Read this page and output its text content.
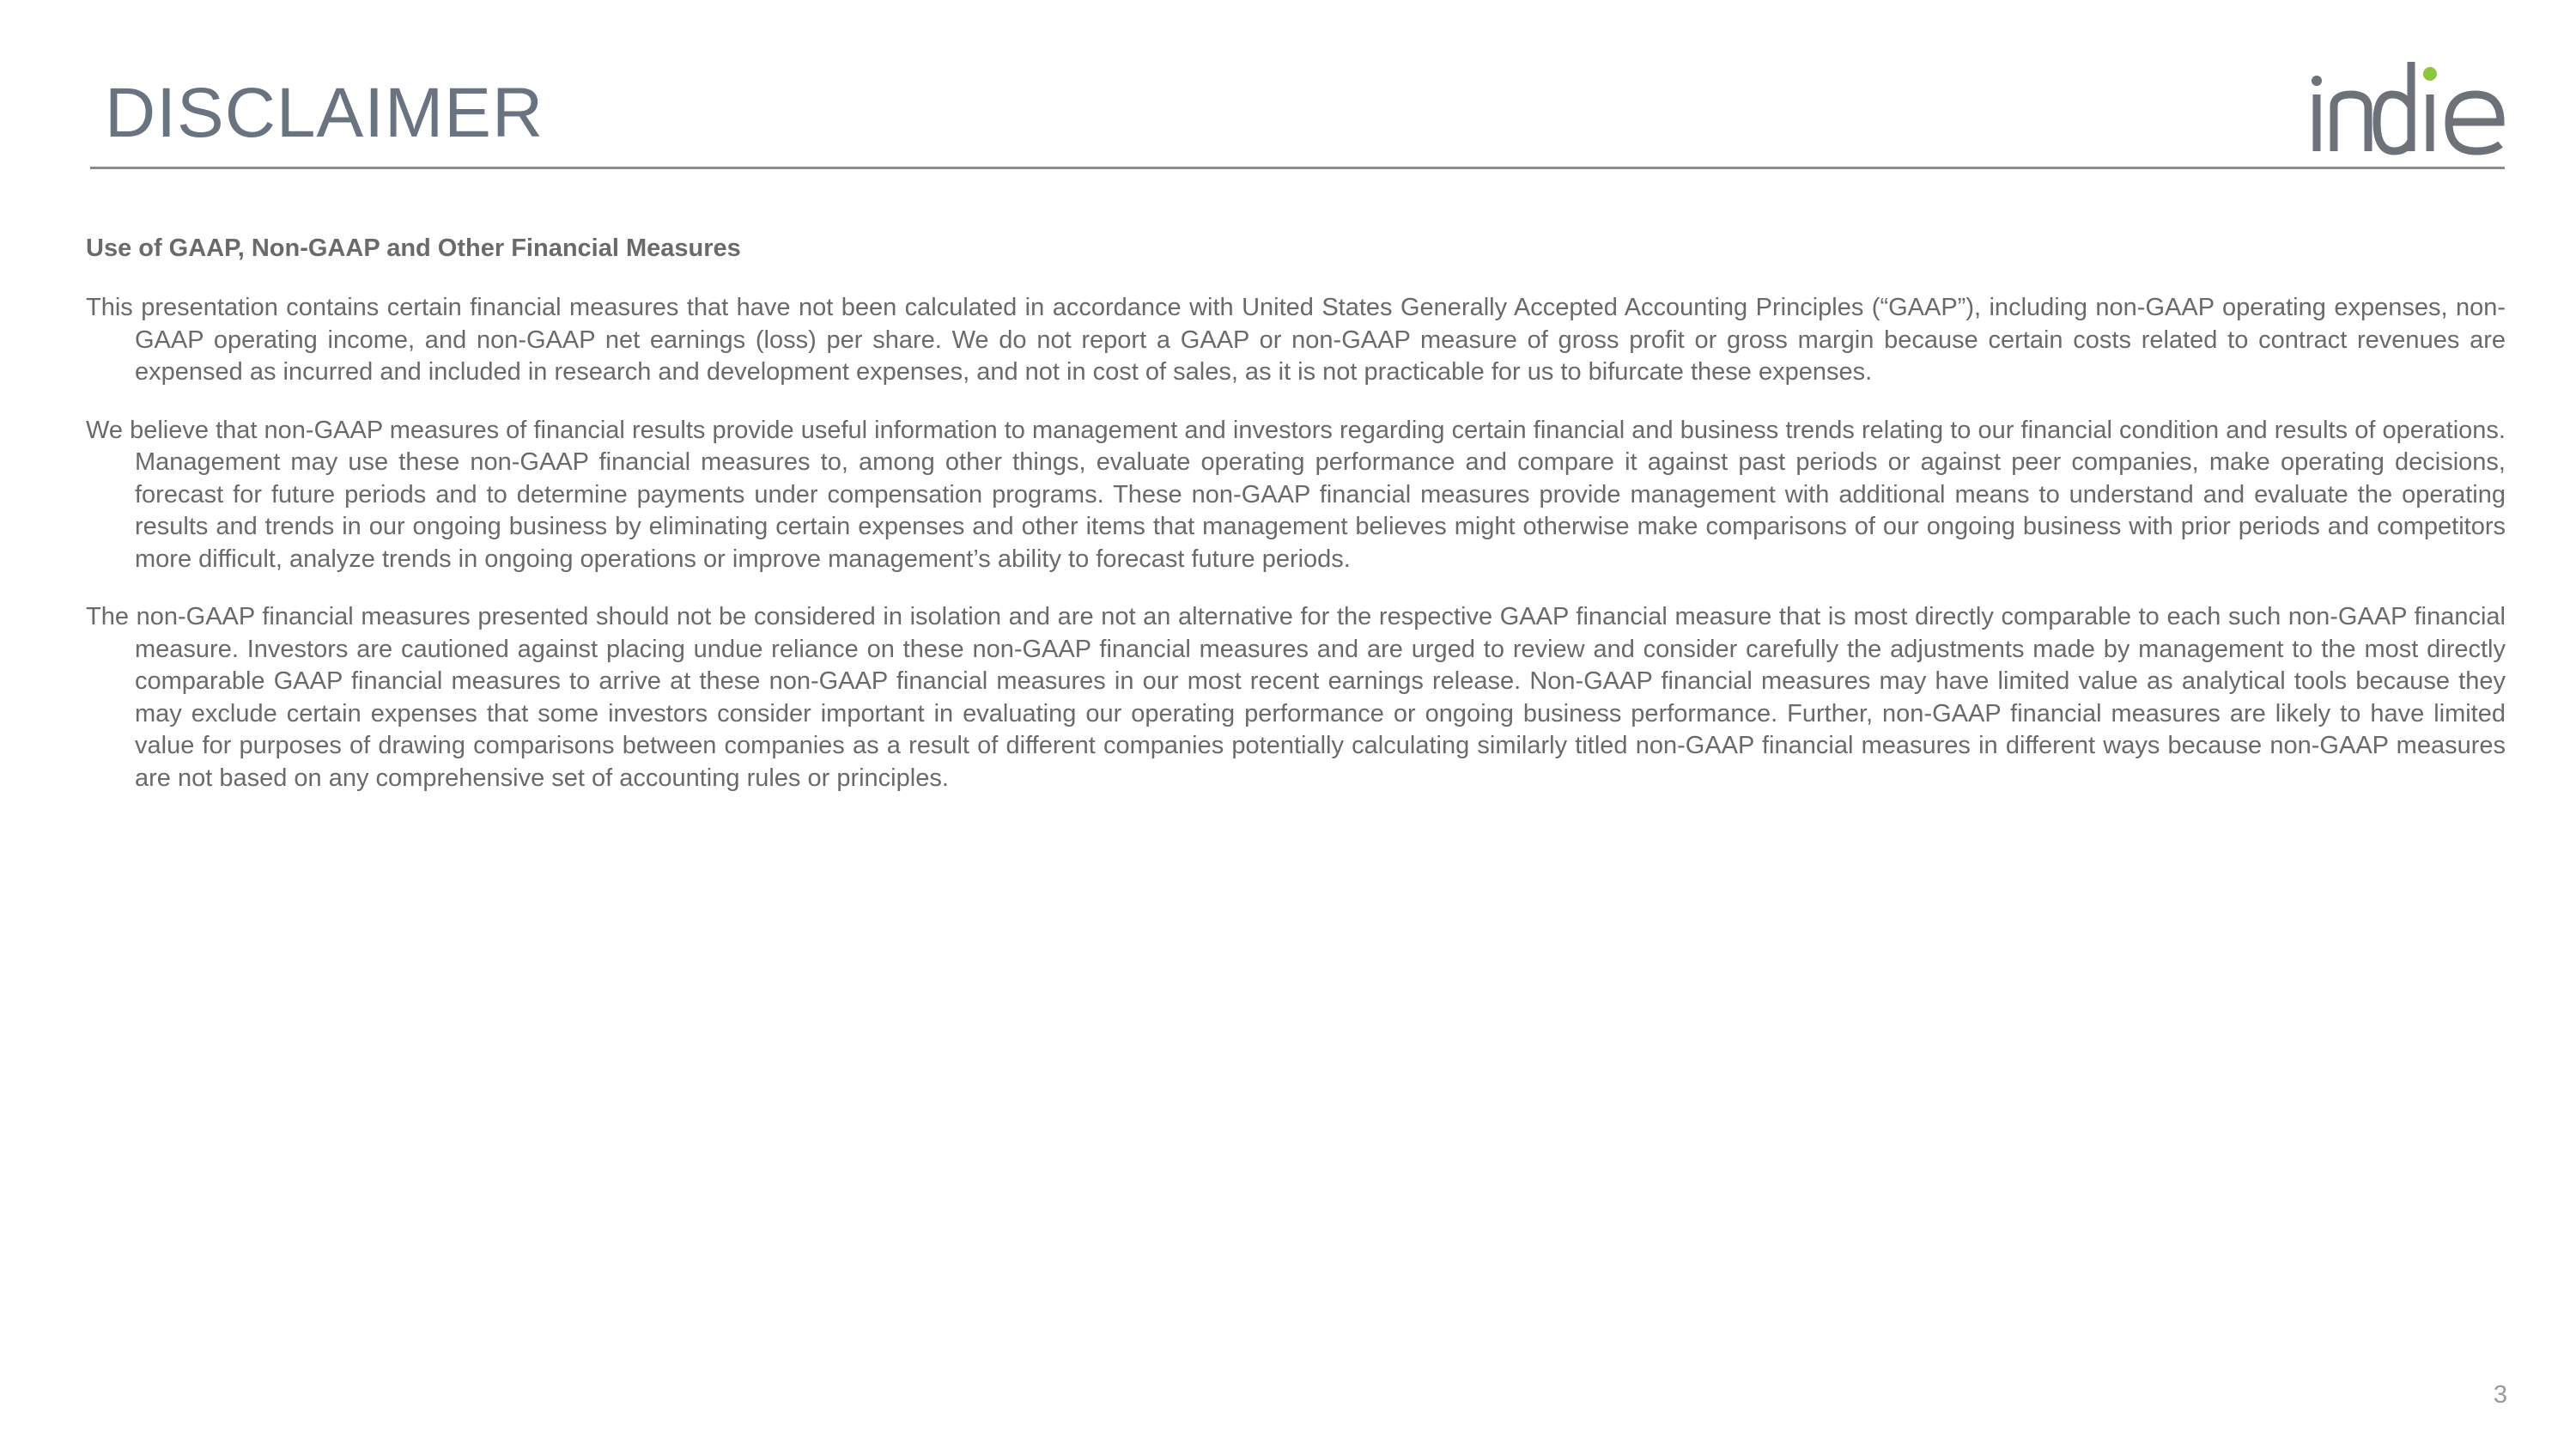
DISCLAIMER

Use of GAAP, Non-GAAP and Other Financial Measures

This presentation contains certain financial measures that have not been calculated in accordance with United States Generally Accepted Accounting Principles (“GAAP”), including non-GAAP operating expenses, non-GAAP operating income, and non-GAAP net earnings (loss) per share. We do not report a GAAP or non-GAAP measure of gross profit or gross margin because certain costs related to contract revenues are expensed as incurred and included in research and development expenses, and not in cost of sales, as it is not practicable for us to bifurcate these expenses.

We believe that non-GAAP measures of financial results provide useful information to management and investors regarding certain financial and business trends relating to our financial condition and results of operations. Management may use these non-GAAP financial measures to, among other things, evaluate operating performance and compare it against past periods or against peer companies, make operating decisions, forecast for future periods and to determine payments under compensation programs. These non-GAAP financial measures provide management with additional means to understand and evaluate the operating results and trends in our ongoing business by eliminating certain expenses and other items that management believes might otherwise make comparisons of our ongoing business with prior periods and competitors more difficult, analyze trends in ongoing operations or improve management’s ability to forecast future periods.

The non-GAAP financial measures presented should not be considered in isolation and are not an alternative for the respective GAAP financial measure that is most directly comparable to each such non-GAAP financial measure. Investors are cautioned against placing undue reliance on these non-GAAP financial measures and are urged to review and consider carefully the adjustments made by management to the most directly comparable GAAP financial measures to arrive at these non-GAAP financial measures in our most recent earnings release. Non-GAAP financial measures may have limited value as analytical tools because they may exclude certain expenses that some investors consider important in evaluating our operating performance or ongoing business performance. Further, non-GAAP financial measures are likely to have limited value for purposes of drawing comparisons between companies as a result of different companies potentially calculating similarly titled non-GAAP financial measures in different ways because non-GAAP measures are not based on any comprehensive set of accounting rules or principles.

3
